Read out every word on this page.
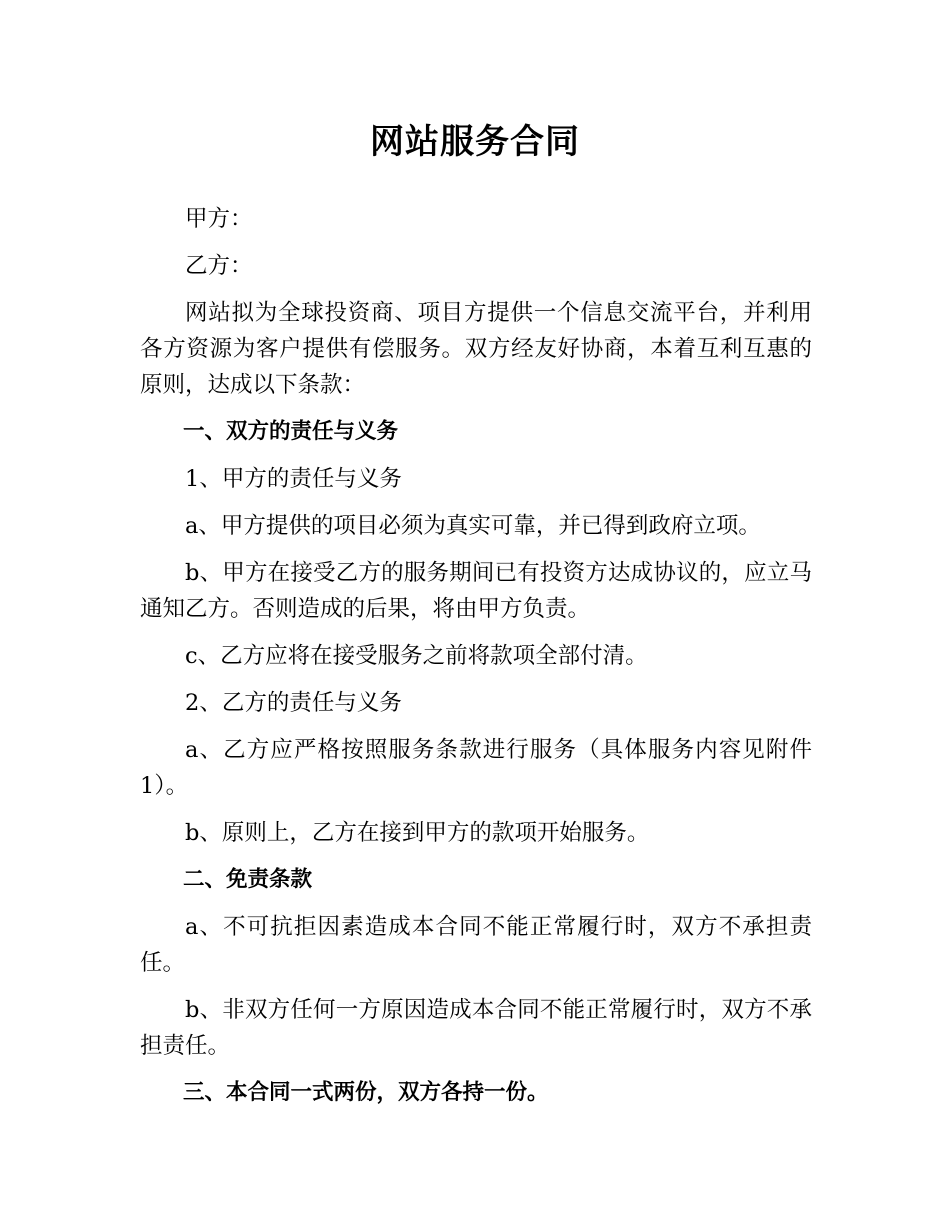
网站服务合同

甲方：

乙方：

网站拟为全球投资商、项目方提供一个信息交流平台，并利用各方资源为客户提供有偿服务。双方经友好协商，本着互利互惠的原则，达成以下条款：

一、双方的责任与义务

1、甲方的责任与义务

a、甲方提供的项目必须为真实可靠，并已得到政府立项。

b、甲方在接受乙方的服务期间已有投资方达成协议的，应立马通知乙方。否则造成的后果，将由甲方负责。

c、乙方应将在接受服务之前将款项全部付清。

2、乙方的责任与义务

a、乙方应严格按照服务条款进行服务（具体服务内容见附件1）。

b、原则上，乙方在接到甲方的款项开始服务。

二、免责条款

a、不可抗拒因素造成本合同不能正常履行时，双方不承担责任。

b、非双方任何一方原因造成本合同不能正常履行时，双方不承担责任。

三、本合同一式两份，双方各持一份。
